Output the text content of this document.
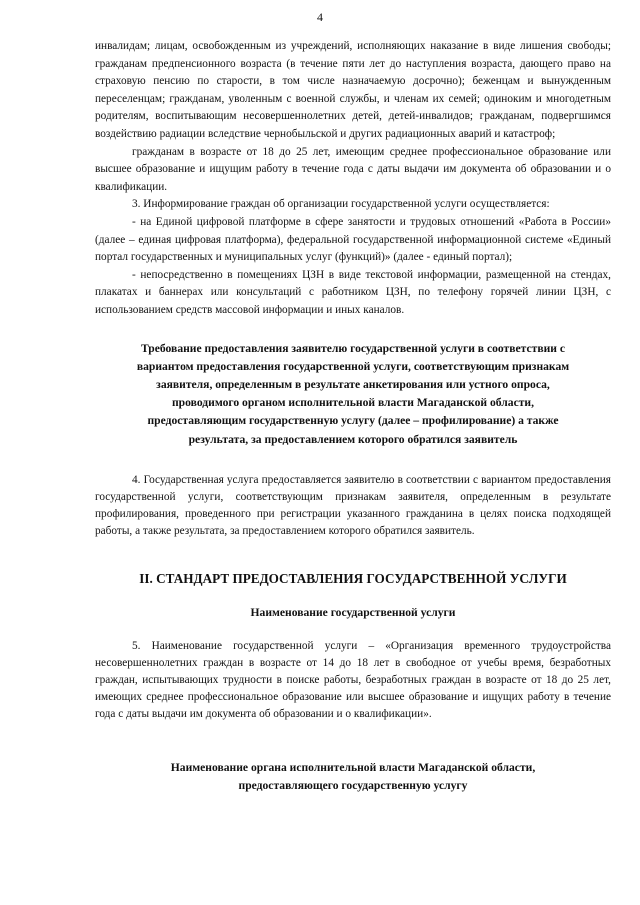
4

инвалидам; лицам, освобожденным из учреждений, исполняющих наказание в виде лишения свободы; гражданам предпенсионного возраста (в течение пяти лет до наступления возраста, дающего право на страховую пенсию по старости, в том числе назначаемую досрочно); беженцам и вынужденным переселенцам; гражданам, уволенным с военной службы, и членам их семей; одиноким и многодетным родителям, воспитывающим несовершеннолетних детей, детей-инвалидов; гражданам, подвергшимся воздействию радиации вследствие чернобыльской и других радиационных аварий и катастроф;

гражданам в возрасте от 18 до 25 лет, имеющим среднее профессиональное образование или высшее образование и ищущим работу в течение года с даты выдачи им документа об образовании и о квалификации.

3. Информирование граждан об организации государственной услуги осуществляется:

- на Единой цифровой платформе в сфере занятости и трудовых отношений «Работа в России» (далее – единая цифровая платформа), федеральной государственной информационной системе «Единый портал государственных и муниципальных услуг (функций)» (далее - единый портал);

- непосредственно в помещениях ЦЗН в виде текстовой информации, размещенной на стендах, плакатах и баннерах или консультаций с работником ЦЗН, по телефону горячей линии ЦЗН, с использованием средств массовой информации и иных каналов.

Требование предоставления заявителю государственной услуги в соответствии с

вариантом предоставления государственной услуги, соответствующим признакам

заявителя, определенным в результате анкетирования или устного опроса,

проводимого органом исполнительной власти Магаданской области,

предоставляющим государственную услугу (далее – профилирование) а также

результата, за предоставлением которого обратился заявитель

4. Государственная услуга предоставляется заявителю в соответствии с вариантом предоставления государственной услуги, соответствующим признакам заявителя, определенным в результате профилирования, проведенного при регистрации указанного гражданина в целях поиска подходящей работы, а также результата, за предоставлением которого обратился заявитель.

II. СТАНДАРТ ПРЕДОСТАВЛЕНИЯ ГОСУДАРСТВЕННОЙ УСЛУГИ

Наименование государственной услуги

5. Наименование государственной услуги – «Организация временного трудоустройства несовершеннолетних граждан в возрасте от 14 до 18 лет в свободное от учебы время, безработных граждан, испытывающих трудности в поиске работы, безработных граждан в возрасте от 18 до 25 лет, имеющих среднее профессиональное образование или высшее образование и ищущих работу в течение года с даты выдачи им документа об образовании и о квалификации».

Наименование органа исполнительной власти Магаданской области,

предоставляющего государственную услугу
